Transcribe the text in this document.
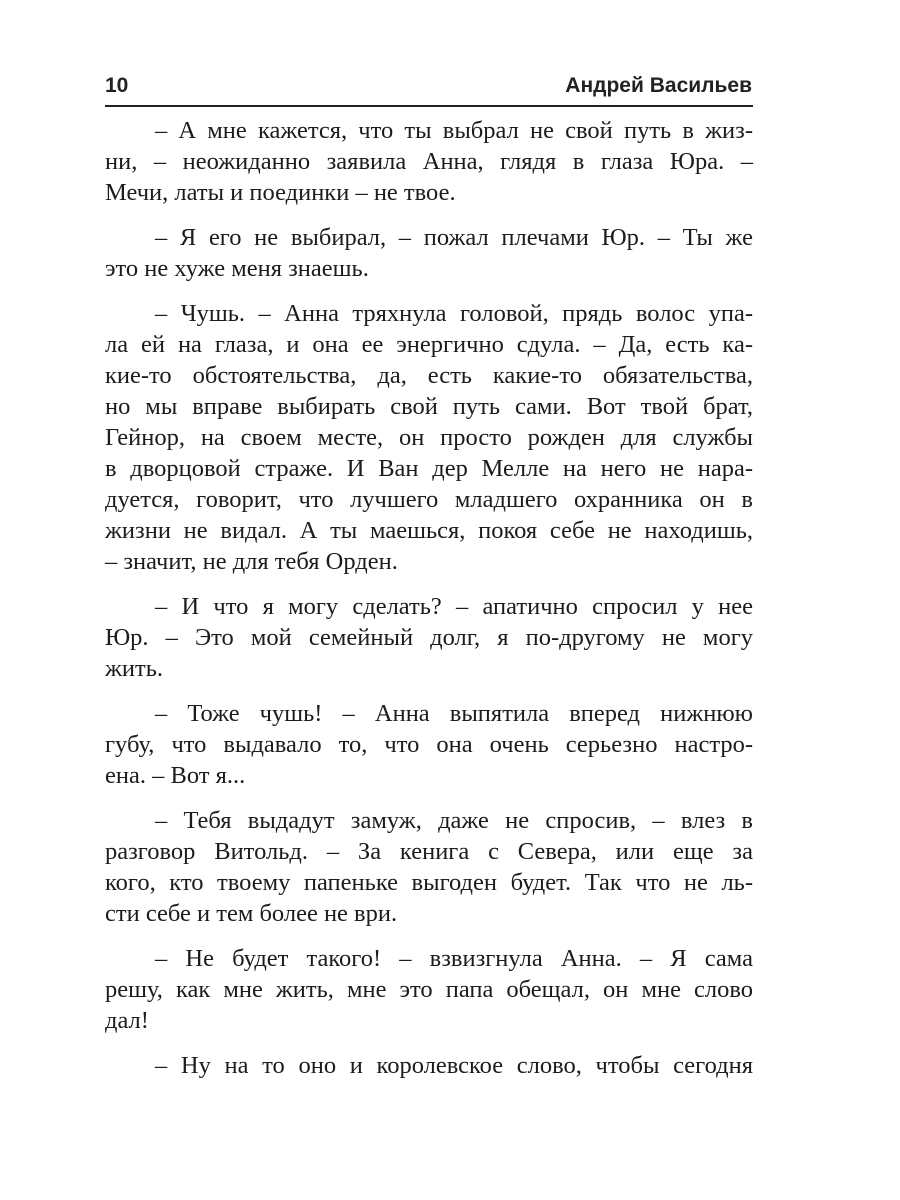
10	Андрей Васильев
– А мне кажется, что ты выбрал не свой путь в жиз-
ни, – неожиданно заявила Анна, глядя в глаза Юра. –
Мечи, латы и поединки – не твое.
– Я его не выбирал, – пожал плечами Юр. – Ты же
это не хуже меня знаешь.
– Чушь. – Анна тряхнула головой, прядь волос упа-
ла ей на глаза, и она ее энергично сдула. – Да, есть ка-
кие-то обстоятельства, да, есть какие-то обязательства,
но мы вправе выбирать свой путь сами. Вот твой брат,
Гейнор, на своем месте, он просто рожден для службы
в дворцовой страже. И Ван дер Мелле на него не нара-
дуется, говорит, что лучшего младшего охранника он в
жизни не видал. А ты маешься, покоя себе не находишь,
– значит, не для тебя Орден.
– И что я могу сделать? – апатично спросил у нее
Юр. – Это мой семейный долг, я по-другому не могу
жить.
– Тоже чушь! – Анна выпятила вперед нижнюю
губу, что выдавало то, что она очень серьезно настро-
ена. – Вот я...
– Тебя выдадут замуж, даже не спросив, – влез в
разговор Витольд. – За кенига с Севера, или еще за
кого, кто твоему папеньке выгоден будет. Так что не ль-
сти себе и тем более не ври.
– Не будет такого! – взвизгнула Анна. – Я сама
решу, как мне жить, мне это папа обещал, он мне слово
дал!
– Ну на то оно и королевское слово, чтобы сегодня
